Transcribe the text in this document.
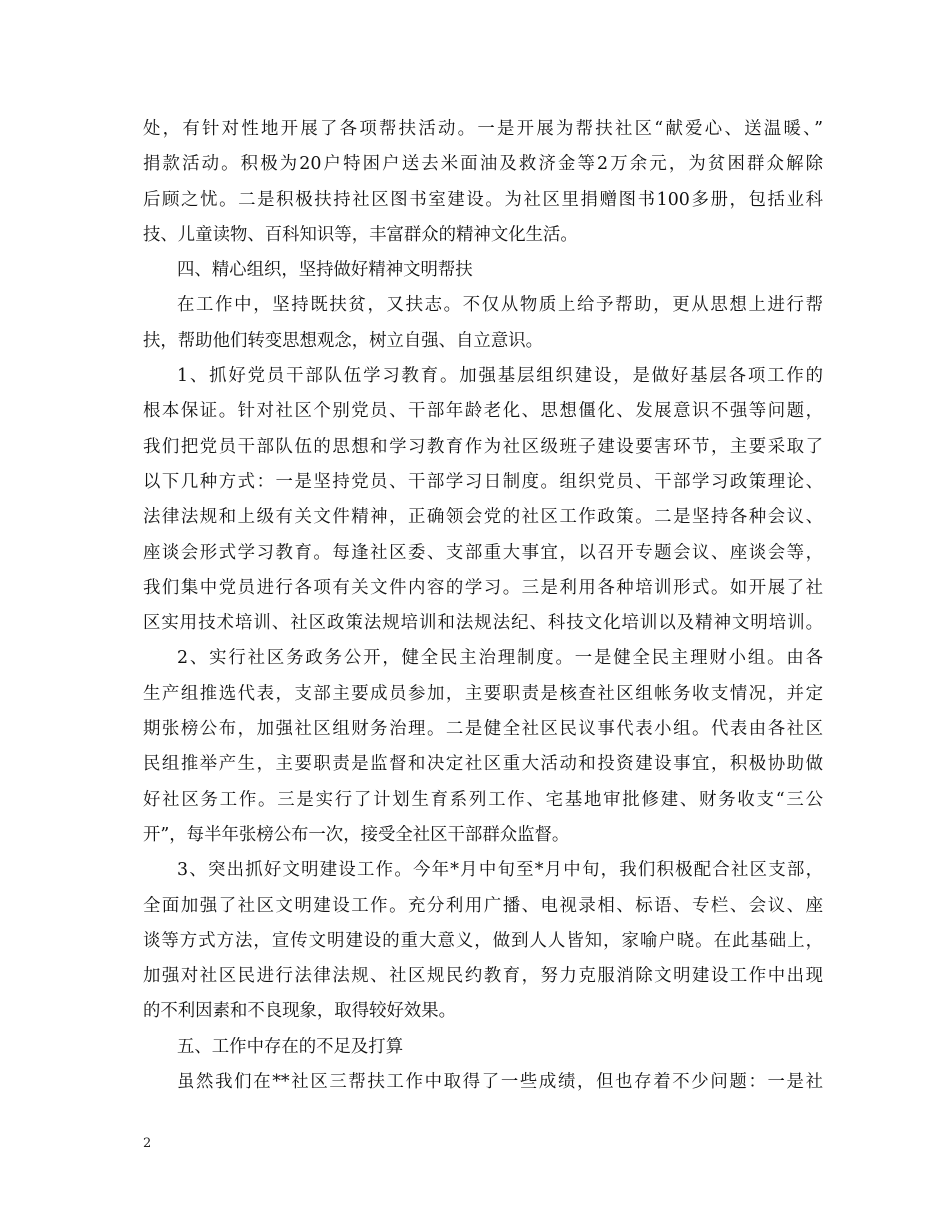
处，有针对性地开展了各项帮扶活动。一是开展为帮扶社区“献爱心、送温暖、”
捐款活动。积极为20户特困户送去米面油及救济金等2万余元，为贫困群众解除
后顾之忧。二是积极扶持社区图书室建设。为社区里捐赠图书100多册，包括业科
技、儿童读物、百科知识等，丰富群众的精神文化生活。
四、精心组织，坚持做好精神文明帮扶
在工作中，坚持既扶贫，又扶志。不仅从物质上给予帮助，更从思想上进行帮
扶，帮助他们转变思想观念，树立自强、自立意识。
1、抓好党员干部队伍学习教育。加强基层组织建设，是做好基层各项工作的
根本保证。针对社区个别党员、干部年龄老化、思想僵化、发展意识不强等问题，
我们把党员干部队伍的思想和学习教育作为社区级班子建设要害环节，主要采取了
以下几种方式：一是坚持党员、干部学习日制度。组织党员、干部学习政策理论、
法律法规和上级有关文件精神，正确领会党的社区工作政策。二是坚持各种会议、
座谈会形式学习教育。每逢社区委、支部重大事宜，以召开专题会议、座谈会等，
我们集中党员进行各项有关文件内容的学习。三是利用各种培训形式。如开展了社
区实用技术培训、社区政策法规培训和法规法纪、科技文化培训以及精神文明培训。
2、实行社区务政务公开，健全民主治理制度。一是健全民主理财小组。由各
生产组推选代表，支部主要成员参加，主要职责是核查社区组帐务收支情况，并定
期张榜公布，加强社区组财务治理。二是健全社区民议事代表小组。代表由各社区
民组推举产生，主要职责是监督和决定社区重大活动和投资建设事宜，积极协助做
好社区务工作。三是实行了计划生育系列工作、宅基地审批修建、财务收支“三公
开”，每半年张榜公布一次，接受全社区干部群众监督。
3、突出抓好文明建设工作。今年*月中旬至*月中旬，我们积极配合社区支部，
全面加强了社区文明建设工作。充分利用广播、电视录相、标语、专栏、会议、座
谈等方式方法，宣传文明建设的重大意义，做到人人皆知，家喻户晓。在此基础上，
加强对社区民进行法律法规、社区规民约教育，努力克服消除文明建设工作中出现
的不利因素和不良现象，取得较好效果。
五、工作中存在的不足及打算
虽然我们在**社区三帮扶工作中取得了一些成绩，但也存着不少问题：一是社
2
